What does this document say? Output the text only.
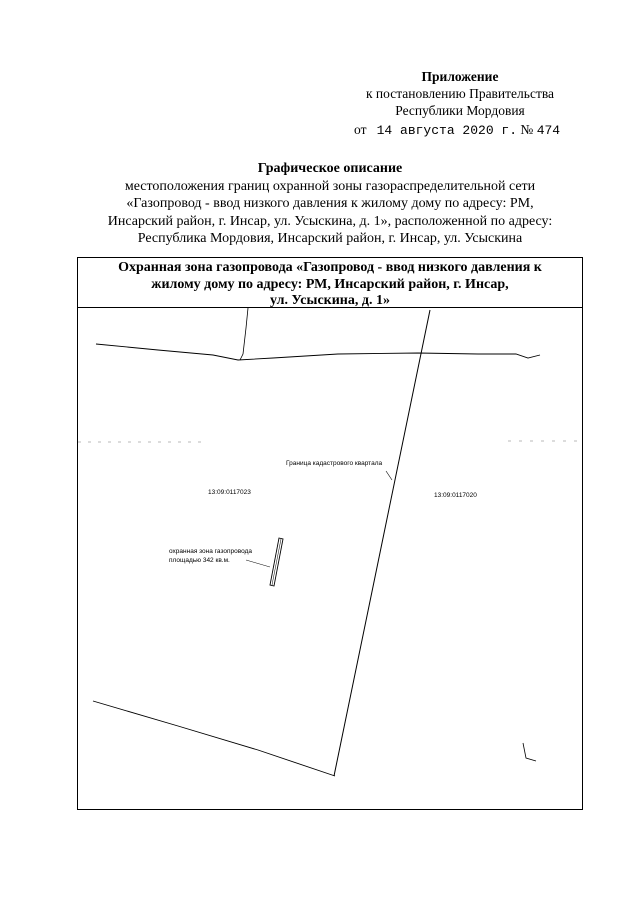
Приложение
к постановлению Правительства
Республики Мордовия
от 14 августа 2020 г. № 474
Графическое описание
местоположения границ охранной зоны газораспределительной сети
«Газопровод - ввод низкого давления к жилому дому по адресу: РМ,
Инсарский район, г. Инсар, ул. Усыскина, д. 1», расположенной по адресу:
Республика Мордовия, Инсарский район, г. Инсар, ул. Усыскина
Охранная зона газопровода «Газопровод - ввод низкого давления к
жилому дому по адресу: РМ, Инсарский район, г. Инсар,
ул. Усыскина, д. 1»
Граница кадастрового квартала
13:09:0117023	13:09:0117020
охранная зона газопровода
площадью 342 кв.м.
